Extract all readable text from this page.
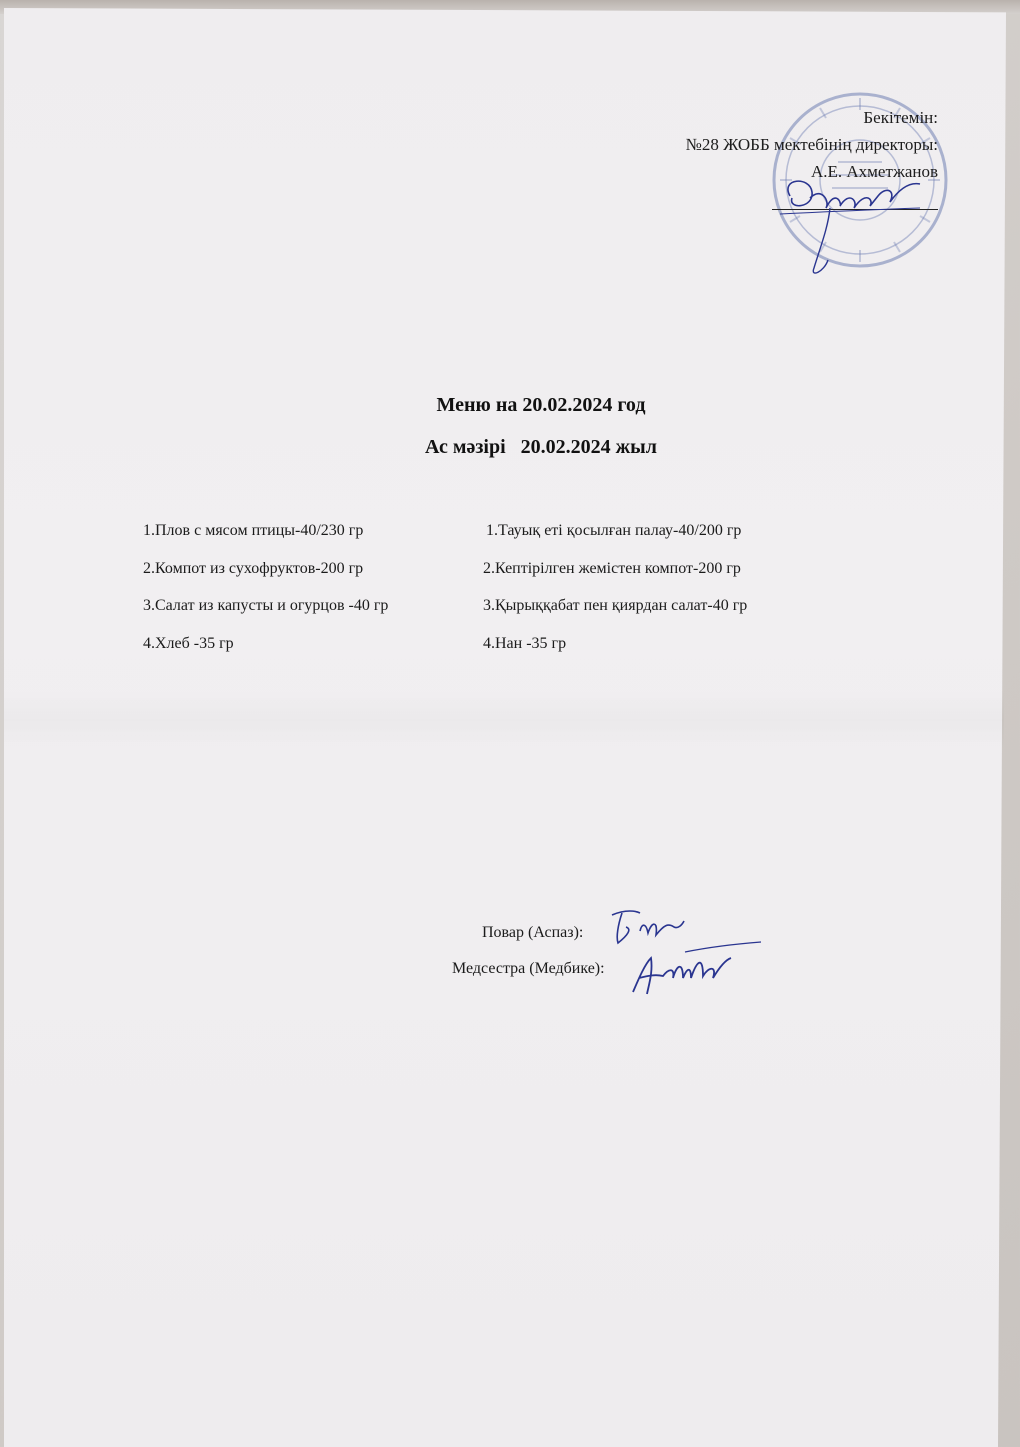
Бекітемін:
№28 ЖОББ мектебінің директоры:
А.Е. Ахметжанов
Меню на 20.02.2024 год
Ас мәзірі   20.02.2024 жыл
1.Плов с мясом птицы-40/230 гр
2.Компот из сухофруктов-200 гр
3.Салат из капусты и огурцов -40 гр
4.Хлеб -35 гр
1.Тауық еті қосылған палау-40/200 гр
2.Кептірілген жемістен компот-200 гр
3.Қырыққабат пен қиярдан салат-40 гр
4.Нан -35 гр
Повар (Аспаз):
Медсестра (Медбике):
